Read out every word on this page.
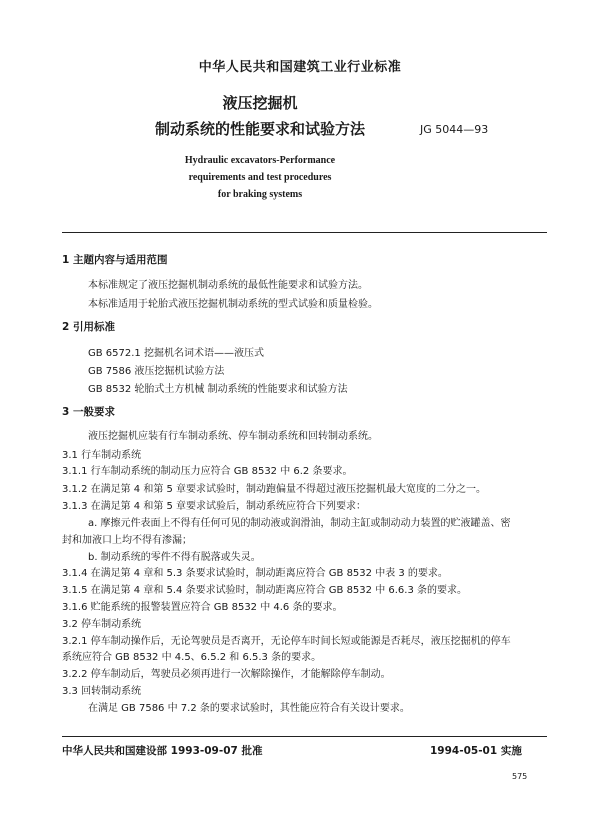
中华人民共和国建筑工业行业标准
液压挖掘机
制动系统的性能要求和试验方法	JG 5044—93
Hydraulic excavators-Performance
requirements and test procedures
for braking systems
1 主题内容与适用范围
本标准规定了液压挖掘机制动系统的最低性能要求和试验方法。
本标准适用于轮胎式液压挖掘机制动系统的型式试验和质量检验。
2 引用标准
GB 6572.1 挖掘机名词术语——液压式
GB 7586 液压挖掘机试验方法
GB 8532 轮胎式土方机械 制动系统的性能要求和试验方法
3 一般要求
液压挖掘机应装有行车制动系统、停车制动系统和回转制动系统。
3.1 行车制动系统
3.1.1 行车制动系统的制动压力应符合 GB 8532 中 6.2 条要求。
3.1.2 在满足第 4 和第 5 章要求试验时，制动跑偏量不得超过液压挖掘机最大宽度的二分之一。
3.1.3 在满足第 4 和第 5 章要求试验后，制动系统应符合下列要求：
a. 摩擦元件表面上不得有任何可见的制动液或润滑油，制动主缸或制动动力装置的贮液罐盖、密
封和加液口上均不得有渗漏；
b. 制动系统的零件不得有脱落或失灵。
3.1.4 在满足第 4 章和 5.3 条要求试验时，制动距离应符合 GB 8532 中表 3 的要求。
3.1.5 在满足第 4 章和 5.4 条要求试验时，制动距离应符合 GB 8532 中 6.6.3 条的要求。
3.1.6 贮能系统的报警装置应符合 GB 8532 中 4.6 条的要求。
3.2 停车制动系统
3.2.1 停车制动操作后，无论驾驶员是否离开，无论停车时间长短或能源是否耗尽，液压挖掘机的停车
系统应符合 GB 8532 中 4.5、6.5.2 和 6.5.3 条的要求。
3.2.2 停车制动后，驾驶员必须再进行一次解除操作，才能解除停车制动。
3.3 回转制动系统
在满足 GB 7586 中 7.2 条的要求试验时，其性能应符合有关设计要求。
中华人民共和国建设部 1993-09-07 批准	1994-05-01 实施
575
